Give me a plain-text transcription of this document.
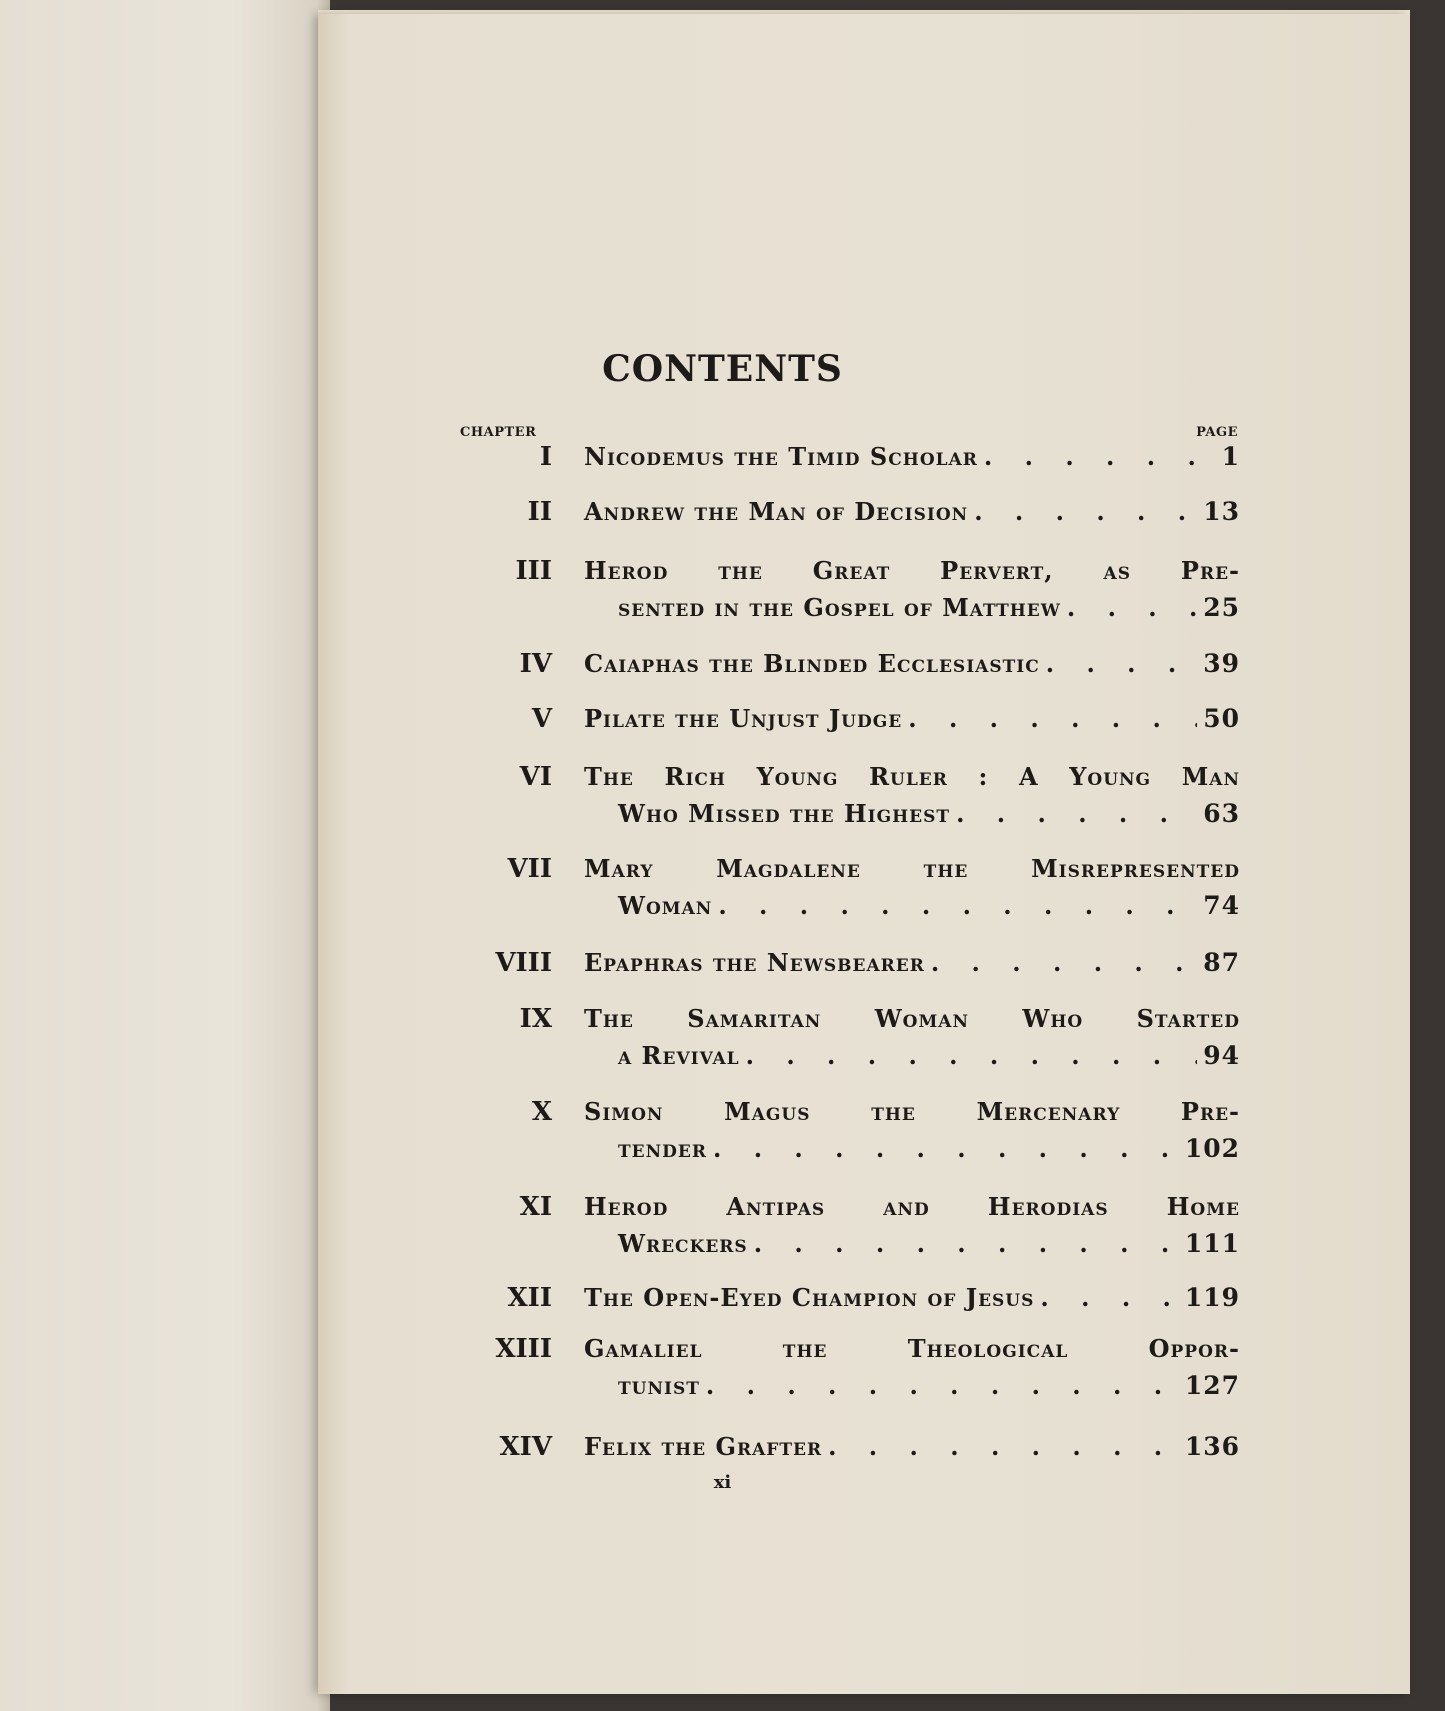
CONTENTS
CHAPTER	PAGE
I Nicodemus the Timid Scholar . . .	1
II Andrew the Man of Decision . . .	13
III Herod the Great Pervert, as Pre-
sented in the Gospel of Matthew . . .	25
IV Caiaphas the Blinded Ecclesiastic . . .	39
V Pilate the Unjust Judge . . .	50
VI The Rich Young Ruler : A Young Man
Who Missed the Highest . . .	63
VII Mary Magdalene the Misrepresented
Woman . . .	74
VIII Epaphras the Newsbearer . . .	87
IX The Samaritan Woman Who Started
a Revival . . .	94
X Simon Magus the Mercenary Pre-
tender . . .	102
XI Herod Antipas and Herodias Home
Wreckers . . .	111
XII The Open-Eyed Champion of Jesus . . .	119
XIII Gamaliel the Theological Oppor-
tunist . . .	127
XIV Felix the Grafter . . .	136
xi
